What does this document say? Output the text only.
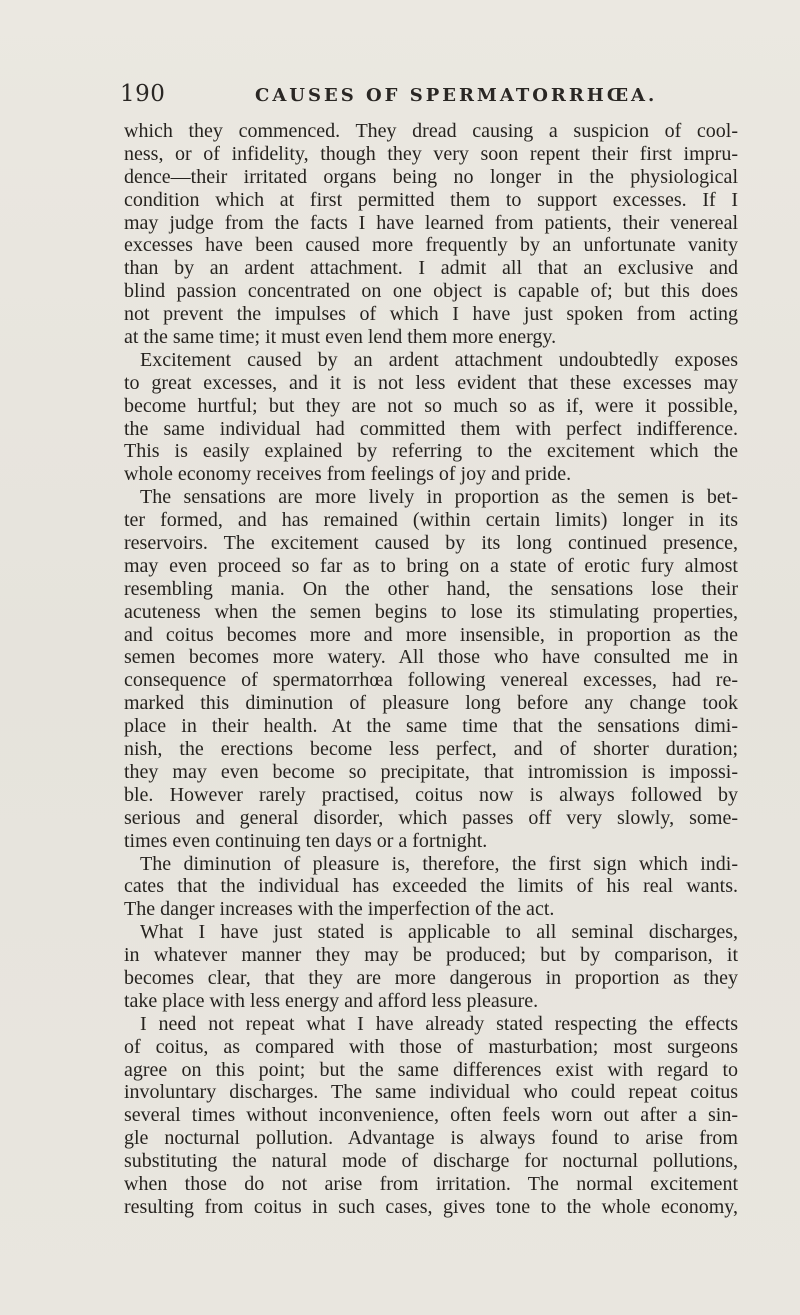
190	CAUSES OF SPERMATORRHŒA.
which they commenced. They dread causing a suspicion of cool-
ness, or of infidelity, though they very soon repent their first impru-
dence—their irritated organs being no longer in the physiological
condition which at first permitted them to support excesses. If I
may judge from the facts I have learned from patients, their venereal
excesses have been caused more frequently by an unfortunate vanity
than by an ardent attachment. I admit all that an exclusive and
blind passion concentrated on one object is capable of; but this does
not prevent the impulses of which I have just spoken from acting
at the same time; it must even lend them more energy.
Excitement caused by an ardent attachment undoubtedly exposes
to great excesses, and it is not less evident that these excesses may
become hurtful; but they are not so much so as if, were it possible,
the same individual had committed them with perfect indifference.
This is easily explained by referring to the excitement which the
whole economy receives from feelings of joy and pride.
The sensations are more lively in proportion as the semen is bet-
ter formed, and has remained (within certain limits) longer in its
reservoirs. The excitement caused by its long continued presence,
may even proceed so far as to bring on a state of erotic fury almost
resembling mania. On the other hand, the sensations lose their
acuteness when the semen begins to lose its stimulating properties,
and coitus becomes more and more insensible, in proportion as the
semen becomes more watery. All those who have consulted me in
consequence of spermatorrhœa following venereal excesses, had re-
marked this diminution of pleasure long before any change took
place in their health. At the same time that the sensations dimi-
nish, the erections become less perfect, and of shorter duration;
they may even become so precipitate, that intromission is impossi-
ble. However rarely practised, coitus now is always followed by
serious and general disorder, which passes off very slowly, some-
times even continuing ten days or a fortnight.
The diminution of pleasure is, therefore, the first sign which indi-
cates that the individual has exceeded the limits of his real wants.
The danger increases with the imperfection of the act.
What I have just stated is applicable to all seminal discharges,
in whatever manner they may be produced; but by comparison, it
becomes clear, that they are more dangerous in proportion as they
take place with less energy and afford less pleasure.
I need not repeat what I have already stated respecting the effects
of coitus, as compared with those of masturbation; most surgeons
agree on this point; but the same differences exist with regard to
involuntary discharges. The same individual who could repeat coitus
several times without inconvenience, often feels worn out after a sin-
gle nocturnal pollution. Advantage is always found to arise from
substituting the natural mode of discharge for nocturnal pollutions,
when those do not arise from irritation. The normal excitement
resulting from coitus in such cases, gives tone to the whole economy,
